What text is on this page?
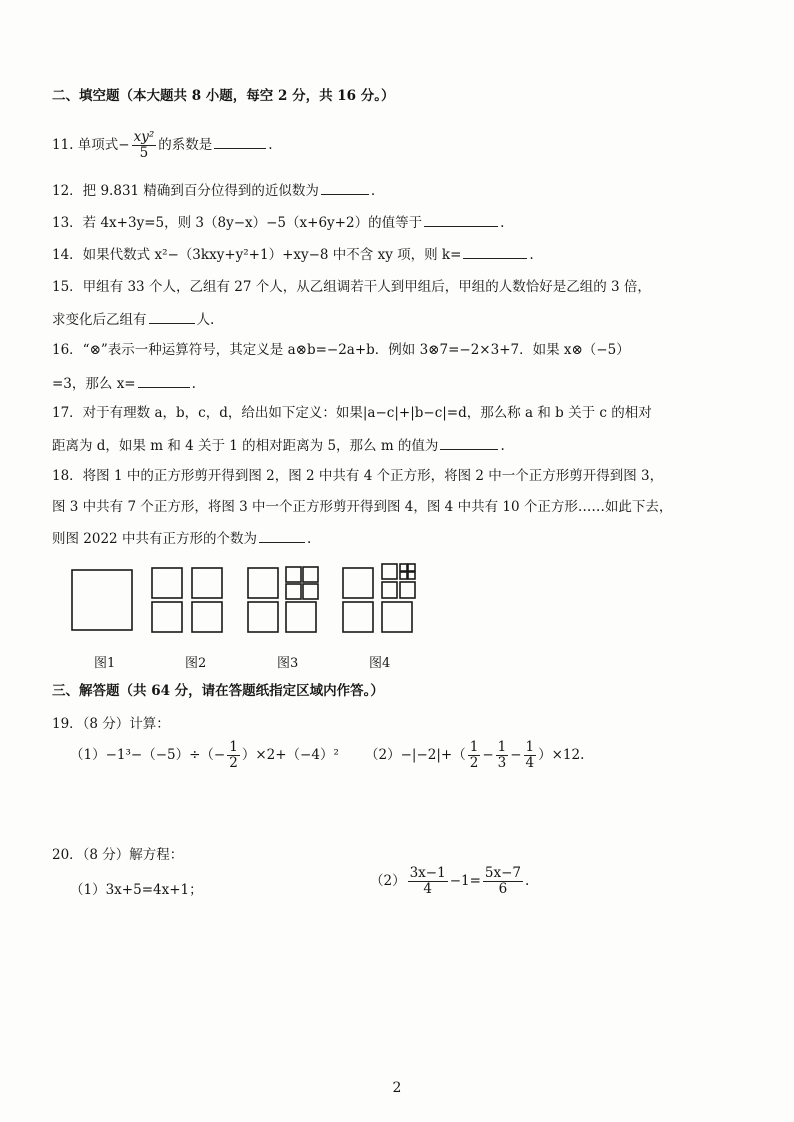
二、填空题（本大题共 8 小题，每空 2 分，共 16 分。）
11. 单项式− $\frac{\text{xy²}}{5}$ 的系数是	.
12．把 9.831 精确到百分位得到的近似数为	.
13．若 4x+3y=5，则 3（8y−x）−5（x+6y+2）的值等于	.
14．如果代数式 x²−（3kxy+y²+1）+xy−8 中不含 xy 项，则 k=	.
15．甲组有 33 个人，乙组有 27 个人，从乙组调若干人到甲组后，甲组的人数恰好是乙组的 3 倍，
求变化后乙组有	人.
16．“⊗”表示一种运算符号，其定义是 a⊗b=−2a+b．例如 3⊗7=−2×3+7．如果 x⊗（−5）
=3，那么 x=	.
17．对于有理数 a，b，c，d，给出如下定义：如果|a−c|+|b−c|=d，那么称 a 和 b 关于 c 的相对
距离为 d，如果 m 和 4 关于 1 的相对距离为 5，那么 m 的值为	.
18．将图 1 中的正方形剪开得到图 2，图 2 中共有 4 个正方形，将图 2 中一个正方形剪开得到图 3，
图 3 中共有 7 个正方形，将图 3 中一个正方形剪开得到图 4，图 4 中共有 10 个正方形……如此下去，
则图 2022 中共有正方形的个数为	.
图1	图2	图3	图4
三、解答题（共 64 分，请在答题纸指定区域内作答。）
19．（8 分）计算：
$(1)-1^3-(-5)\div(- \frac{1}{2} )\times 2+(-4)^2$ $(2)-|-2|+( \frac{1}{2} - \frac{1}{3} - \frac{1}{4} )\times 12$.
20．（8 分）解方程：
（1）3x+5=4x+1；
$(2) \frac{3x-1}{4} -1= \frac{5x-7}{6}$ .
2
